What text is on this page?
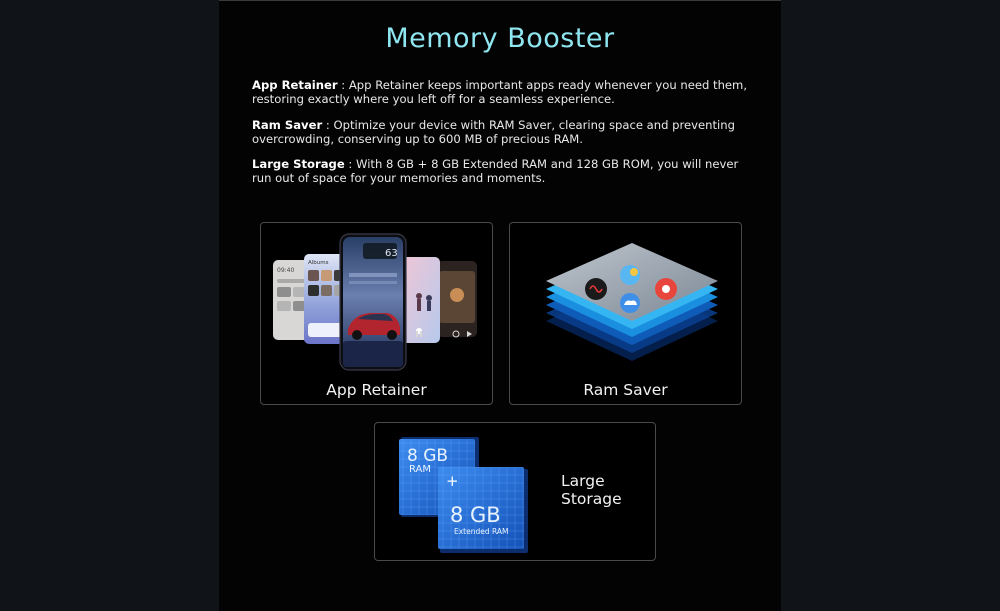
Memory Booster

App Retainer : App Retainer keeps important apps ready whenever you need them, restoring exactly where you left off for a seamless experience.

Ram Saver : Optimize your device with RAM Saver, clearing space and preventing overcrowding, conserving up to 600 MB of precious RAM.

Large Storage : With 8 GB + 8 GB Extended RAM and 128 GB ROM, you will never run out of space for your memories and moments.

09:40
Albums
63
App Retainer	Ram Saver
8 GB
RAM
+
8 GB
Extended RAM
Large
Storage
